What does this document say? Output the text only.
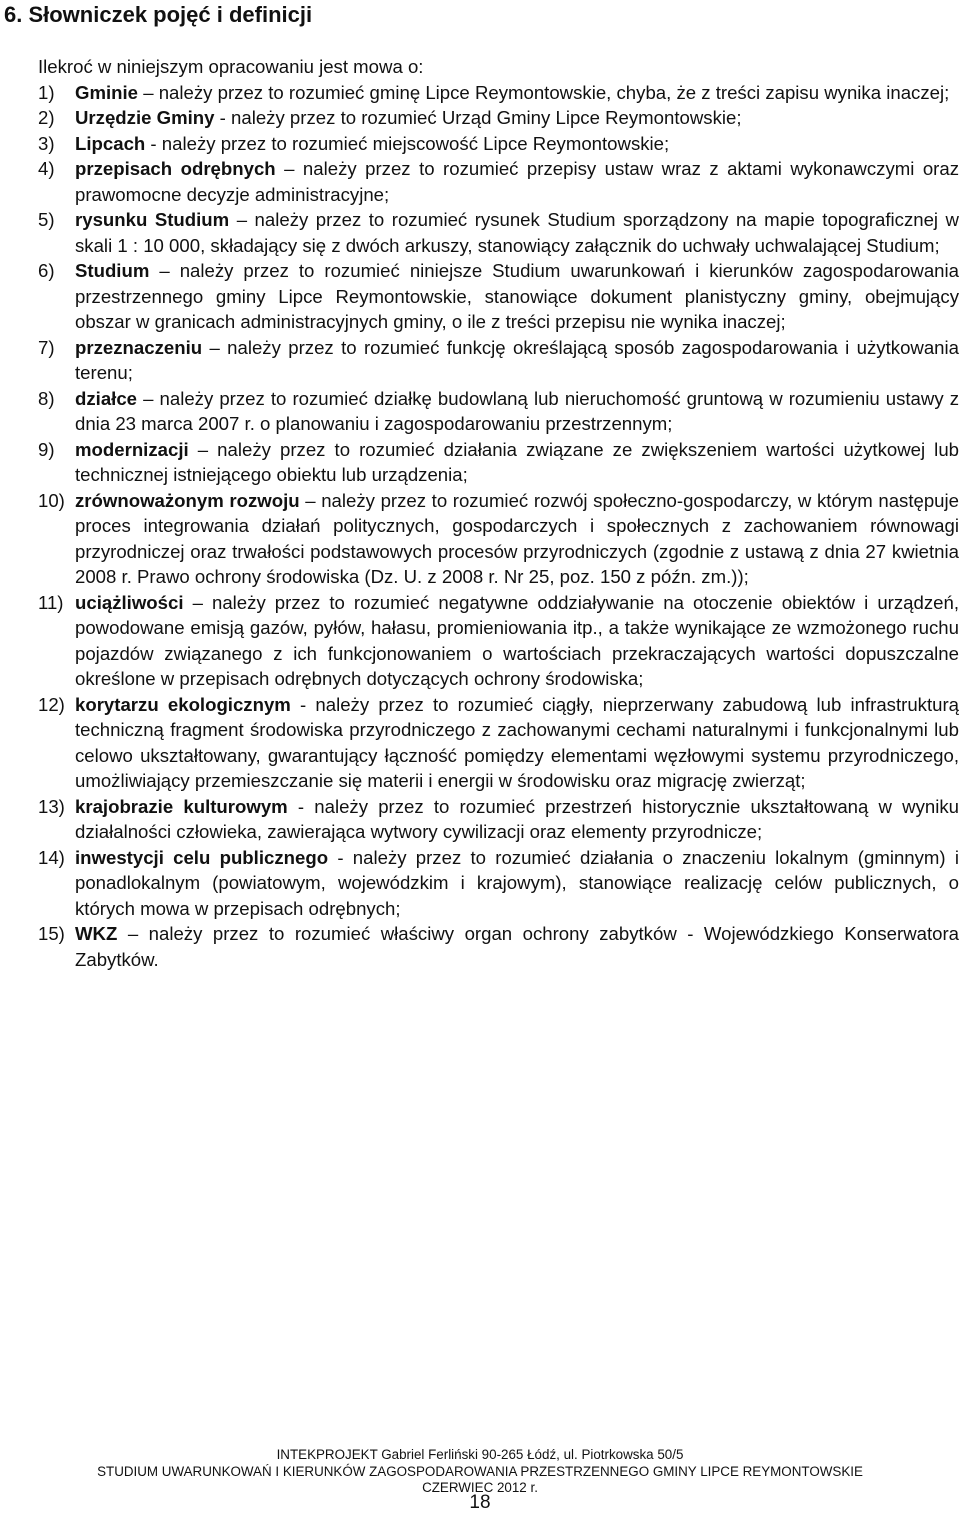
6. Słowniczek pojęć i definicji

Ilekroć w niniejszym opracowaniu jest mowa o:

1) Gminie – należy przez to rozumieć gminę Lipce Reymontowskie, chyba, że z treści zapisu wynika inaczej;
2) Urzędzie Gminy - należy przez to rozumieć Urząd Gminy Lipce Reymontowskie;
3) Lipcach - należy przez to rozumieć miejscowość Lipce Reymontowskie;
4) przepisach odrębnych – należy przez to rozumieć przepisy ustaw wraz z aktami wykonawczymi oraz prawomocne decyzje administracyjne;
5) rysunku Studium – należy przez to rozumieć rysunek Studium sporządzony na mapie topograficznej w skali 1 : 10 000, składający się z dwóch arkuszy, stanowiący załącznik do uchwały uchwalającej Studium;
6) Studium – należy przez to rozumieć niniejsze Studium uwarunkowań i kierunków zagospodarowania przestrzennego gminy Lipce Reymontowskie, stanowiące dokument planistyczny gminy, obejmujący obszar w granicach administracyjnych gminy, o ile z treści przepisu nie wynika inaczej;
7) przeznaczeniu – należy przez to rozumieć funkcję określającą sposób zagospodarowania i użytkowania terenu;
8) działce – należy przez to rozumieć działkę budowlaną lub nieruchomość gruntową w rozumieniu ustawy z dnia 23 marca 2007 r. o planowaniu i zagospodarowaniu przestrzennym;
9) modernizacji – należy przez to rozumieć działania związane ze zwiększeniem wartości użytkowej lub technicznej istniejącego obiektu lub urządzenia;
10) zrównoważonym rozwoju – należy przez to rozumieć rozwój społeczno-gospodarczy, w którym następuje proces integrowania działań politycznych, gospodarczych i społecznych z zachowaniem równowagi przyrodniczej oraz trwałości podstawowych procesów przyrodniczych (zgodnie z ustawą z dnia 27 kwietnia 2008 r. Prawo ochrony środowiska (Dz. U. z 2008 r. Nr 25, poz. 150 z późn. zm.));
11) uciążliwości – należy przez to rozumieć negatywne oddziaływanie na otoczenie obiektów i urządzeń, powodowane emisją gazów, pyłów, hałasu, promieniowania itp., a także wynikające ze wzmożonego ruchu pojazdów związanego z ich funkcjonowaniem o wartościach przekraczających wartości dopuszczalne określone w przepisach odrębnych dotyczących ochrony środowiska;
12) korytarzu ekologicznym - należy przez to rozumieć ciągły, nieprzerwany zabudową lub infrastrukturą techniczną fragment środowiska przyrodniczego z zachowanymi cechami naturalnymi i funkcjonalnymi lub celowo ukształtowany, gwarantujący łączność pomiędzy elementami węzłowymi systemu przyrodniczego, umożliwiający przemieszczanie się materii i energii w środowisku oraz migrację zwierząt;
13) krajobrazie kulturowym - należy przez to rozumieć przestrzeń historycznie ukształtowaną w wyniku działalności człowieka, zawierająca wytwory cywilizacji oraz elementy przyrodnicze;
14) inwestycji celu publicznego - należy przez to rozumieć działania o znaczeniu lokalnym (gminnym) i ponadlokalnym (powiatowym, wojewódzkim i krajowym), stanowiące realizację celów publicznych, o których mowa w przepisach odrębnych;
15) WKZ – należy przez to rozumieć właściwy organ ochrony zabytków - Wojewódzkiego Konserwatora Zabytków.
INTEKPROJEKT Gabriel Ferliński 90-265 Łódź, ul. Piotrkowska 50/5
STUDIUM UWARUNKOWAŃ I KIERUNKÓW ZAGOSPODAROWANIA PRZESTRZENNEGO GMINY LIPCE REYMONTOWSKIE
CZERWIEC 2012 r.
18
